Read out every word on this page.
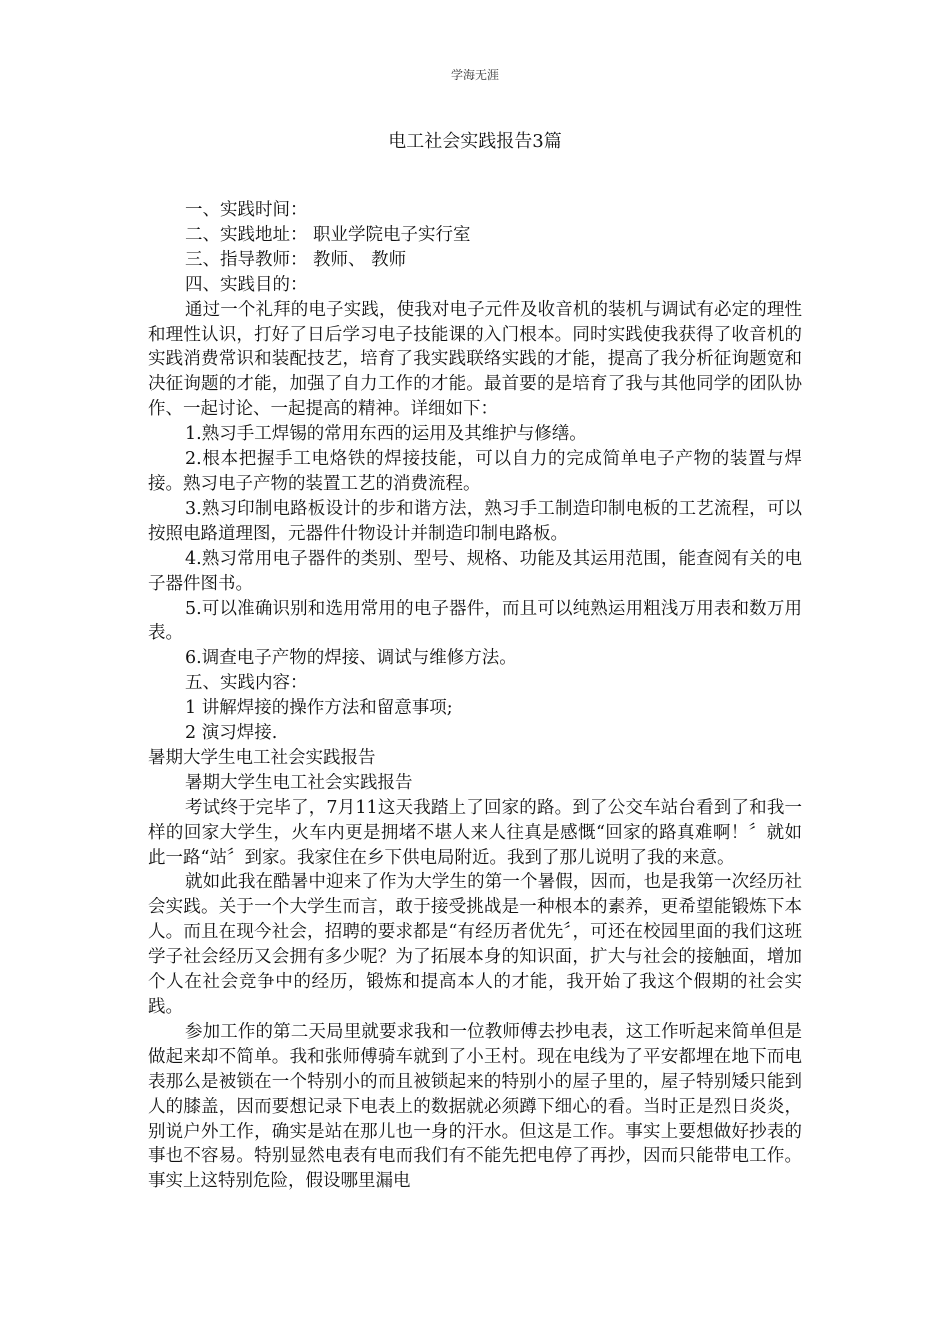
学海无涯
电工社会实践报告3篇

一、实践时间：

二、实践地址： 职业学院电子实行室

三、指导教师： 教师、 教师

四、实践目的：

通过一个礼拜的电子实践，使我对电子元件及收音机的装机与调试有必定的理性和理性认识，打好了日后学习电子技能课的入门根本。同时实践使我获得了收音机的实践消费常识和装配技艺，培育了我实践联络实践的才能，提高了我分析征询题宽和决征询题的才能，加强了自力工作的才能。最首要的是培育了我与其他同学的团队协作、一起讨论、一起提高的精神。详细如下：

1.熟习手工焊锡的常用东西的运用及其维护与修缮。

2.根本把握手工电烙铁的焊接技能，可以自力的完成简单电子产物的装置与焊接。熟习电子产物的装置工艺的消费流程。

3.熟习印制电路板设计的步和谐方法，熟习手工制造印制电板的工艺流程，可以按照电路道理图，元器件什物设计并制造印制电路板。

4.熟习常用电子器件的类别、型号、规格、功能及其运用范围，能查阅有关的电子器件图书。

5.可以准确识别和选用常用的电子器件，而且可以纯熟运用粗浅万用表和数万用表。

6.调查电子产物的焊接、调试与维修方法。

五、实践内容：

1 讲解焊接的操作方法和留意事项;

2 演习焊接.

暑期大学生电工社会实践报告

暑期大学生电工社会实践报告

考试终于完毕了，7月11这天我踏上了回家的路。到了公交车站台看到了和我一样的回家大学生，火车内更是拥堵不堪人来人往真是感慨“回家的路真难啊！〞就如此一路“站〞到家。我家住在乡下供电局附近。我到了那儿说明了我的来意。

就如此我在酷暑中迎来了作为大学生的第一个暑假，因而，也是我第一次经历社会实践。关于一个大学生而言，敢于接受挑战是一种根本的素养，更希望能锻炼下本人。而且在现今社会，招聘的要求都是“有经历者优先〞，可还在校园里面的我们这班学子社会经历又会拥有多少呢？为了拓展本身的知识面，扩大与社会的接触面，增加个人在社会竞争中的经历，锻炼和提高本人的才能，我开始了我这个假期的社会实践。

参加工作的第二天局里就要求我和一位教师傅去抄电表，这工作听起来简单但是做起来却不简单。我和张师傅骑车就到了小王村。现在电线为了平安都埋在地下而电表那么是被锁在一个特别小的而且被锁起来的特别小的屋子里的，屋子特别矮只能到人的膝盖，因而要想记录下电表上的数据就必须蹲下细心的看。当时正是烈日炎炎，别说户外工作，确实是站在那儿也一身的汗水。但这是工作。事实上要想做好抄表的事也不容易。特别显然电表有电而我们有不能先把电停了再抄，因而只能带电工作。事实上这特别危险，假设哪里漏电
